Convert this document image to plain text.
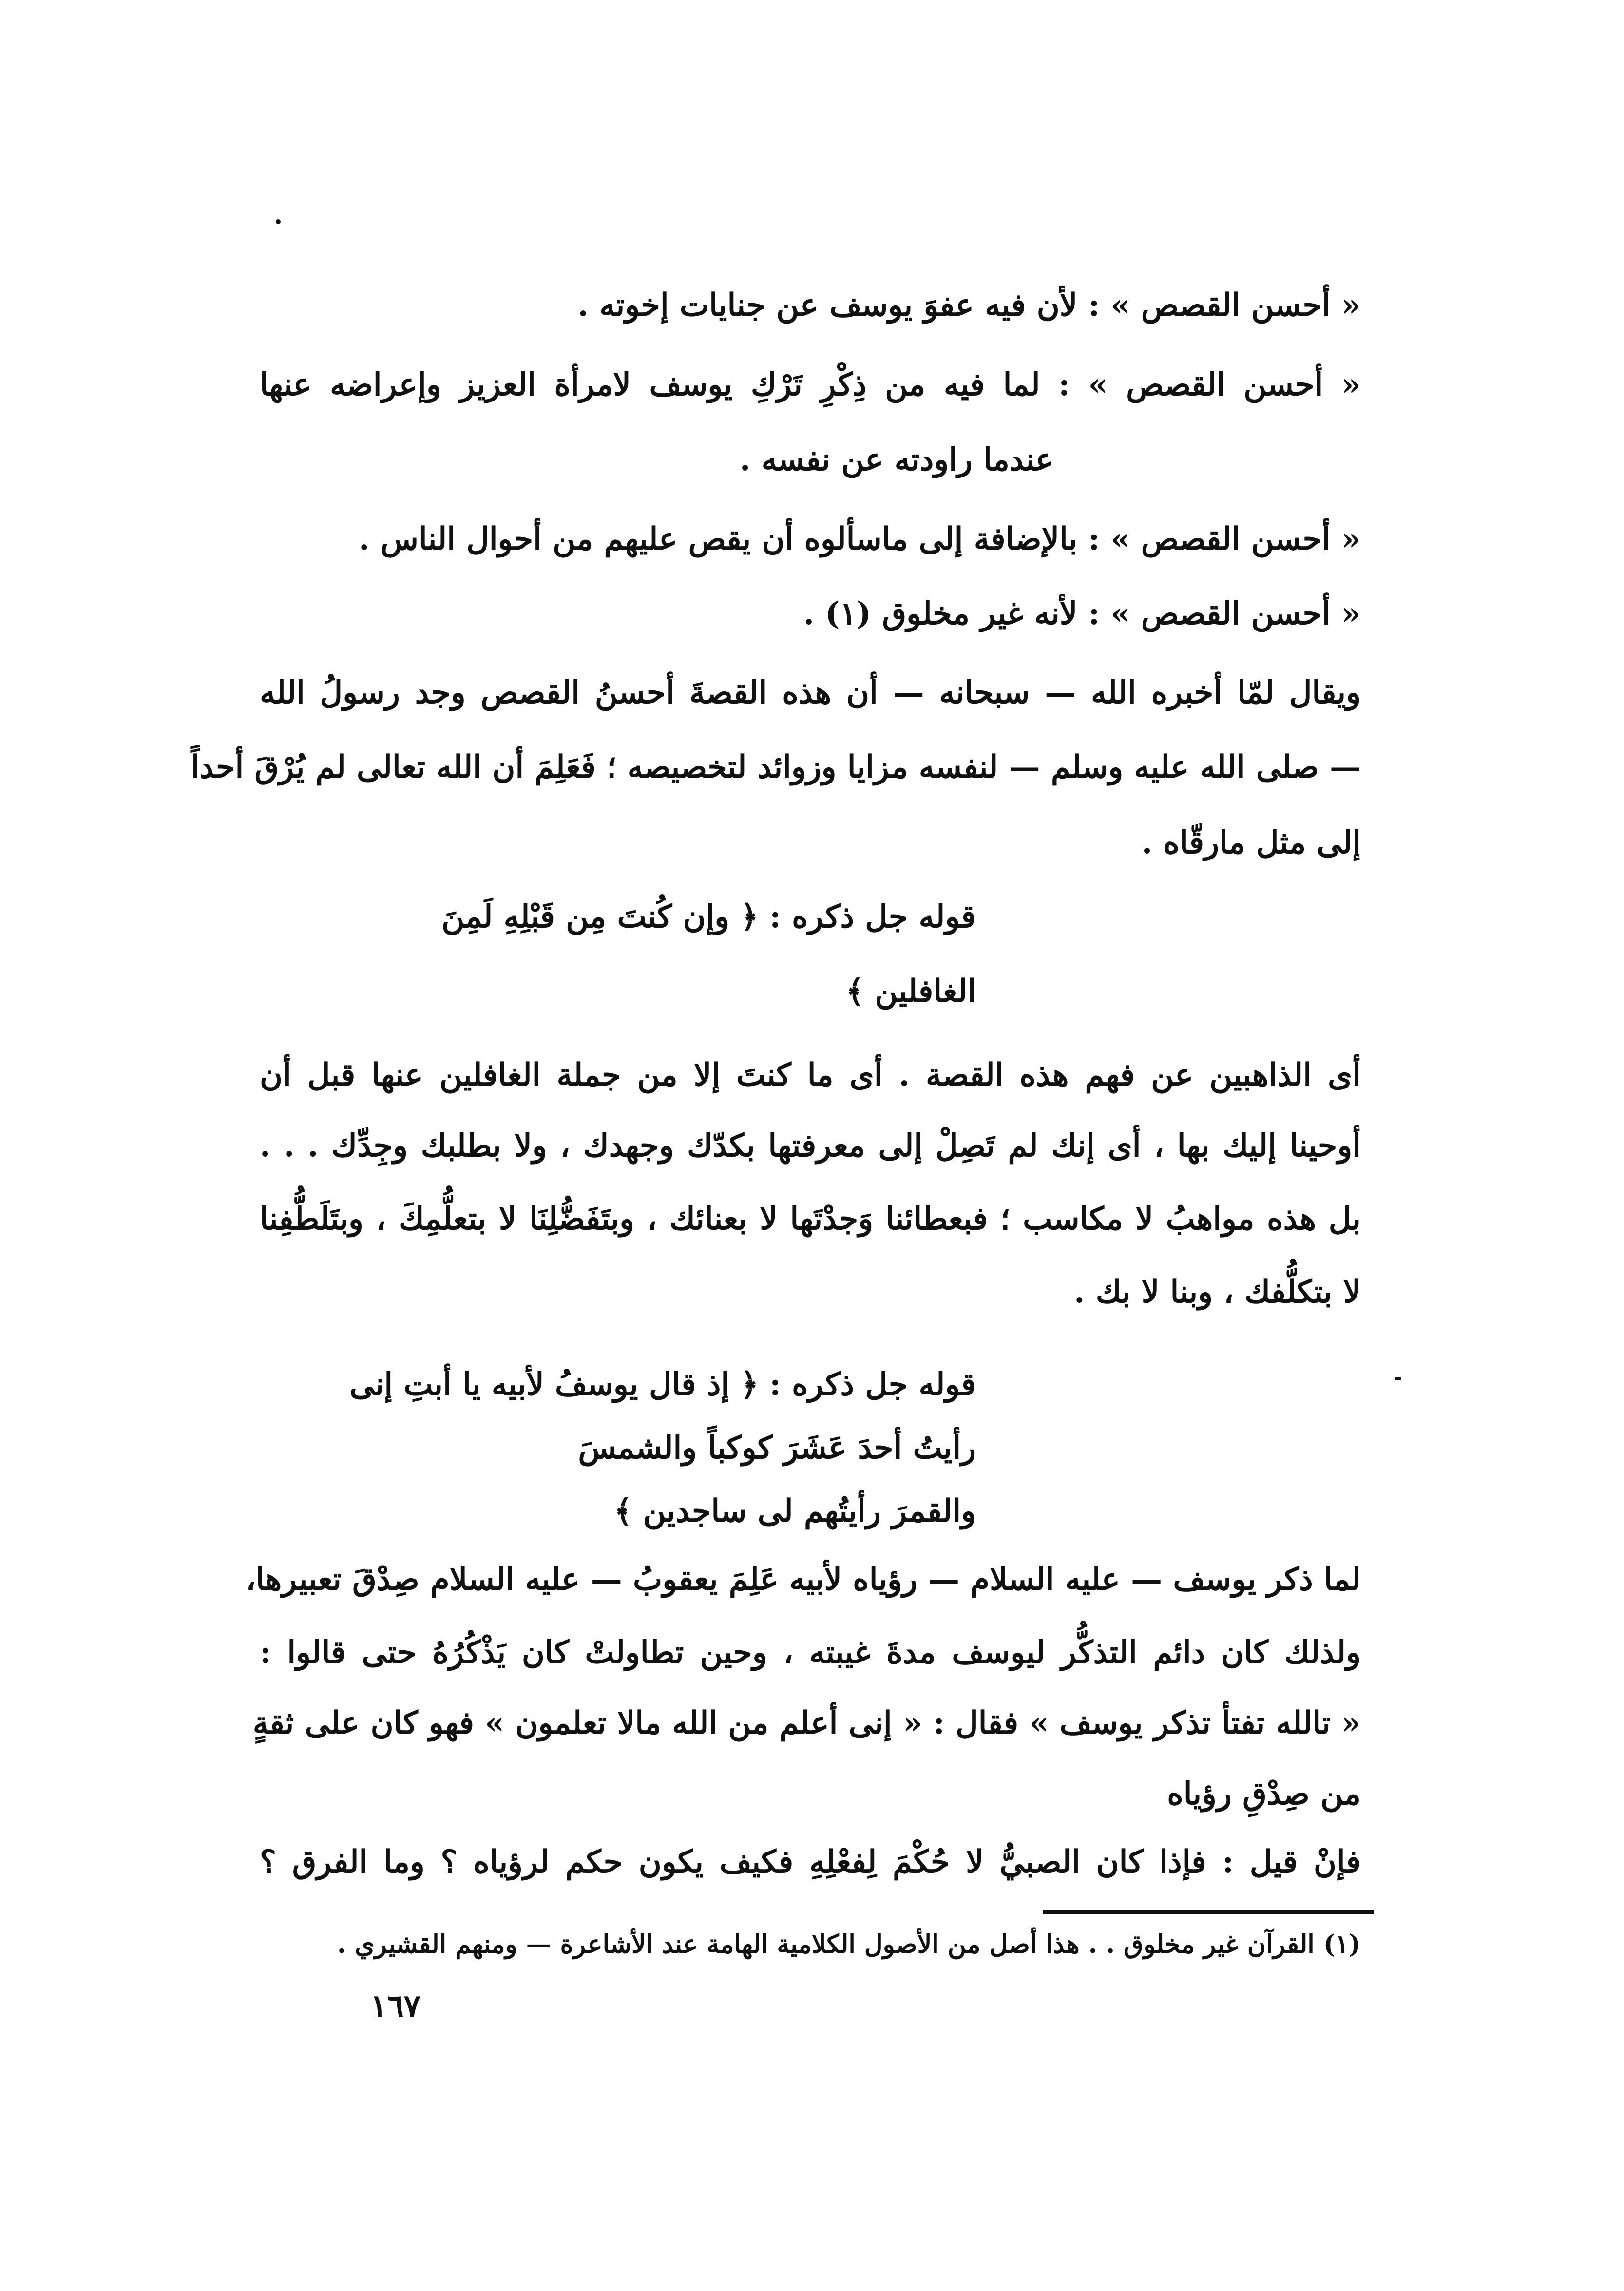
« أحسن القصص » : لأن فيه عفوَ يوسف عن جنايات إخوته .
« أحسن القصص » : لما فيه من ذِكْرِ تَرْكِ يوسف لامرأة العزيز وإعراضه عنها
عندما راودته عن نفسه .
« أحسن القصص » : بالإضافة إلى ماسألوه أن يقص عليهم من أحوال الناس .
« أحسن القصص » : لأنه غير مخلوق (١) .
ويقال لمّا أخبره الله — سبحانه — أن هذه القصةَ أحسنُ القصص وجد رسولُ الله
— صلى الله عليه وسلم — لنفسه مزايا وزوائد لتخصيصه ؛ فَعَلِمَ أن الله تعالى لم يُرْقَ أحداً
إلى مثل مارقّاه .
قوله جل ذكره : ﴿ وإن كُنتَ مِن قَبْلِهِ لَمِنَ
الغافلين ﴾
أى الذاهبين عن فهم هذه القصة . أى ما كنتَ إلا من جملة الغافلين عنها قبل أن
أوحينا إليك بها ، أى إنك لم تَصِلْ إلى معرفتها بكدّك وجهدك ، ولا بطلبك وجِدِّك . . .
بل هذه مواهبُ لا مكاسب ؛ فبعطائنا وَجدْتَها لا بعنائك ، وبتَفَضُّلِنَا لا بتعلُّمِكَ ، وبتَلَطُّفِنا
لا بتكلُّفك ، وبنا لا بك .
قوله جل ذكره : ﴿ إذ قال يوسفُ لأبيه يا أبتِ إنى
رأيتُ أحدَ عَشَرَ كوكباً والشمسَ
والقمرَ رأيتُهم لى ساجدين ﴾
لما ذكر يوسف — عليه السلام — رؤياه لأبيه عَلِمَ يعقوبُ — عليه السلام صِدْقَ تعبيرها،
ولذلك كان دائم التذكُّر ليوسف مدةَ غيبته ، وحين تطاولتْ كان يَذْكُرُهُ حتى قالوا :
« تالله تفتأ تذكر يوسف » فقال : « إنى أعلم من الله مالا تعلمون » فهو كان على ثقةٍ
من صِدْقِ رؤياه
فإنْ قيل : فإذا كان الصبيُّ لا حُكْمَ لِفعْلِهِ فكيف يكون حكم لرؤياه ؟ وما الفرق ؟
(١) القرآن غير مخلوق . . هذا أصل من الأصول الكلامية الهامة عند الأشاعرة — ومنهم القشيري .
١٦٧
